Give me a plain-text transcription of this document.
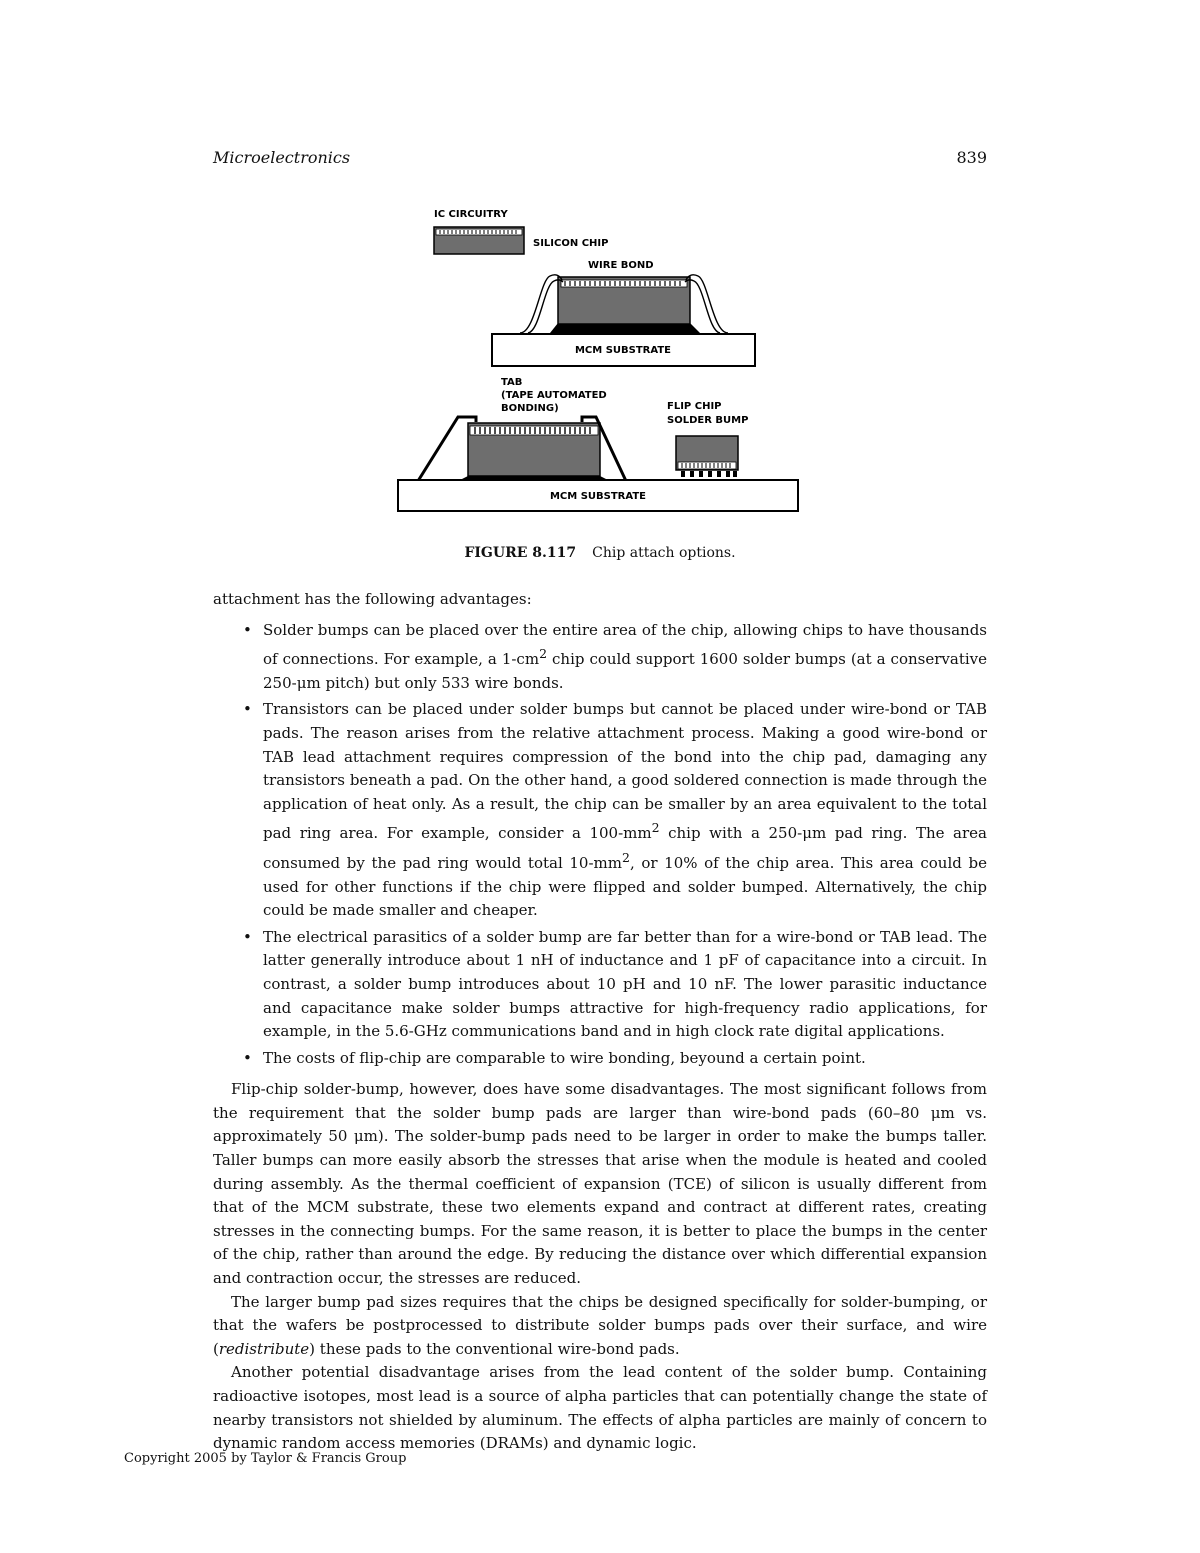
Microelectronics	839
IC CIRCUITRY
SILICON CHIP
WIRE BOND
MCM SUBSTRATE
TAB
(TAPE AUTOMATED
BONDING)	FLIP CHIP
SOLDER BUMP
MCM SUBSTRATE
FIGURE 8.117 Chip attach options.

attachment has the following advantages:

• Solder bumps can be placed over the entire area of the chip, allowing chips to have thousands of connections. For example, a $1-cm^2$ chip could support 1600 solder bumps (at a conservative 250-μm pitch) but only 533 wire bonds.
• Transistors can be placed under solder bumps but cannot be placed under wire-bond or TAB pads. The reason arises from the relative attachment process. Making a good wire-bond or TAB lead attachment requires compression of the bond into the chip pad, damaging any transistors beneath a pad. On the other hand, a good soldered connection is made through the application of heat only. As a result, the chip can be smaller by an area equivalent to the total pad ring area. For example, consider a $100-mm^2$ chip with a 250-μm pad ring. The area consumed by the pad ring would total $10-mm^2$, or 10% of the chip area. This area could be used for other functions if the chip were flipped and solder bumped. Alternatively, the chip could be made smaller and cheaper.
• The electrical parasitics of a solder bump are far better than for a wire-bond or TAB lead. The latter generally introduce about 1 nH of inductance and 1 pF of capacitance into a circuit. In contrast, a solder bump introduces about 10 pH and 10 nF. The lower parasitic inductance and capacitance make solder bumps attractive for high-frequency radio applications, for example, in the 5.6-GHz communications band and in high clock rate digital applications.
• The costs of flip-chip are comparable to wire bonding, beyound a certain point.

Flip-chip solder-bump, however, does have some disadvantages. The most significant follows from the requirement that the solder bump pads are larger than wire-bond pads (60–80 μm vs. approximately 50 μm). The solder-bump pads need to be larger in order to make the bumps taller. Taller bumps can more easily absorb the stresses that arise when the module is heated and cooled during assembly. As the thermal coefficient of expansion (TCE) of silicon is usually different from that of the MCM substrate, these two elements expand and contract at different rates, creating stresses in the connecting bumps. For the same reason, it is better to place the bumps in the center of the chip, rather than around the edge. By reducing the distance over which differential expansion and contraction occur, the stresses are reduced.

The larger bump pad sizes requires that the chips be designed specifically for solder-bumping, or that the wafers be postprocessed to distribute solder bumps pads over their surface, and wire (redistribute) these pads to the conventional wire-bond pads.

Another potential disadvantage arises from the lead content of the solder bump. Containing radioactive isotopes, most lead is a source of alpha particles that can potentially change the state of nearby transistors not shielded by aluminum. The effects of alpha particles are mainly of concern to dynamic random access memories (DRAMs) and dynamic logic.

Copyright 2005 by Taylor & Francis Group
